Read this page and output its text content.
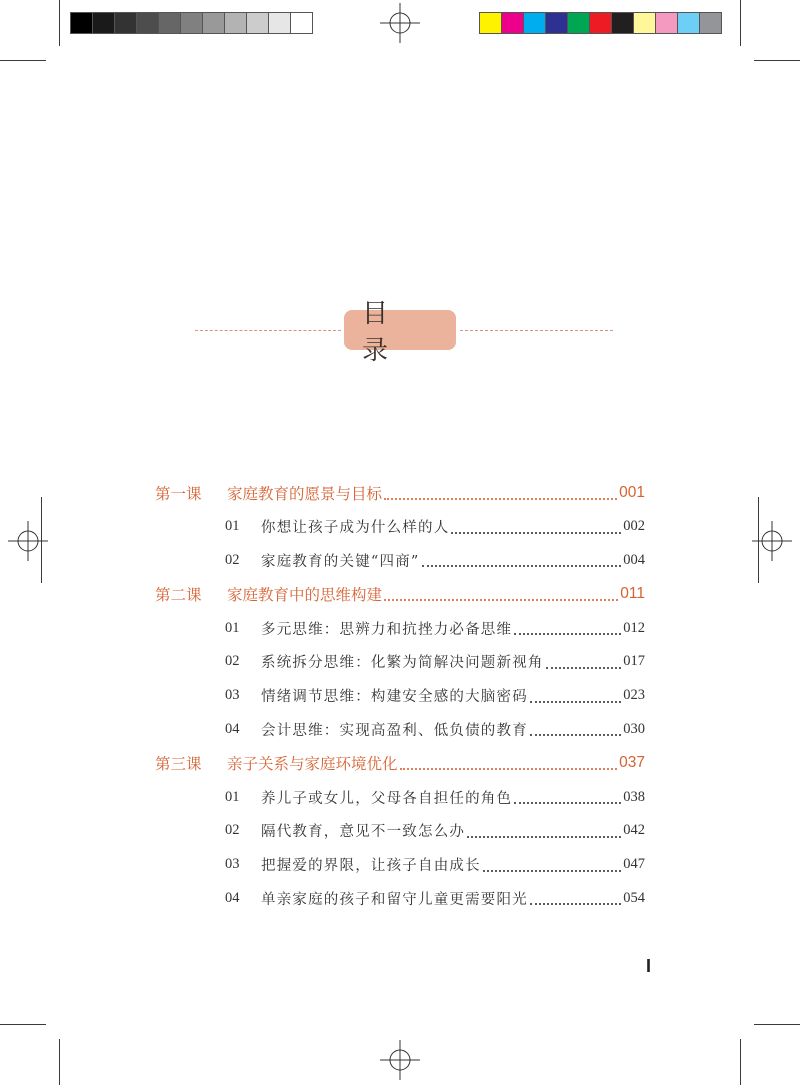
目 录
第一课	家庭教育的愿景与目标	001
01	你想让孩子成为什么样的人	002
02	家庭教育的关键“四商”	004
第二课	家庭教育中的思维构建	011
01	多元思维：思辨力和抗挫力必备思维	012
02	系统拆分思维：化繁为简解决问题新视角	017
03	情绪调节思维：构建安全感的大脑密码	023
04	会计思维：实现高盈利、低负债的教育	030
第三课	亲子关系与家庭环境优化	037
01	养儿子或女儿，父母各自担任的角色	038
02	隔代教育，意见不一致怎么办	042
03	把握爱的界限，让孩子自由成长	047
04	单亲家庭的孩子和留守儿童更需要阳光	054
I
